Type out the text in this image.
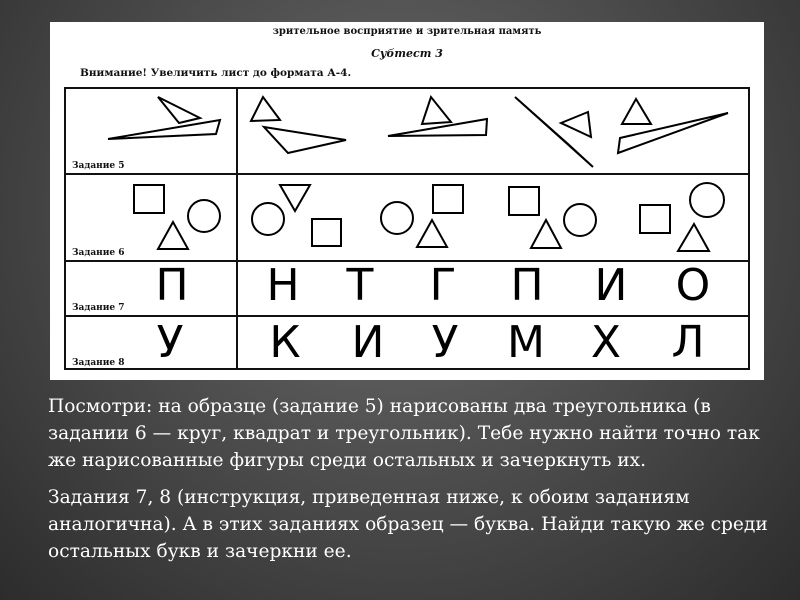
зрительное восприятие и зрительная память
Субтест 3
Внимание! Увеличить лист до формата А-4.
Задание 5
Задание 6
Задание 7 П Н Т Г П И О
Задание 8 У К И У М Х Л

Посмотри: на образце (задание 5) нарисованы два треугольника (в задании 6 — круг, квадрат и треугольник). Тебе нужно найти точно так же нарисованные фигуры среди остальных и зачеркнуть их.

Задания 7, 8 (инструкция, приведенная ниже, к обоим заданиям аналогична). А в этих заданиях образец — буква. Найди такую же среди остальных букв и зачеркни ее.
